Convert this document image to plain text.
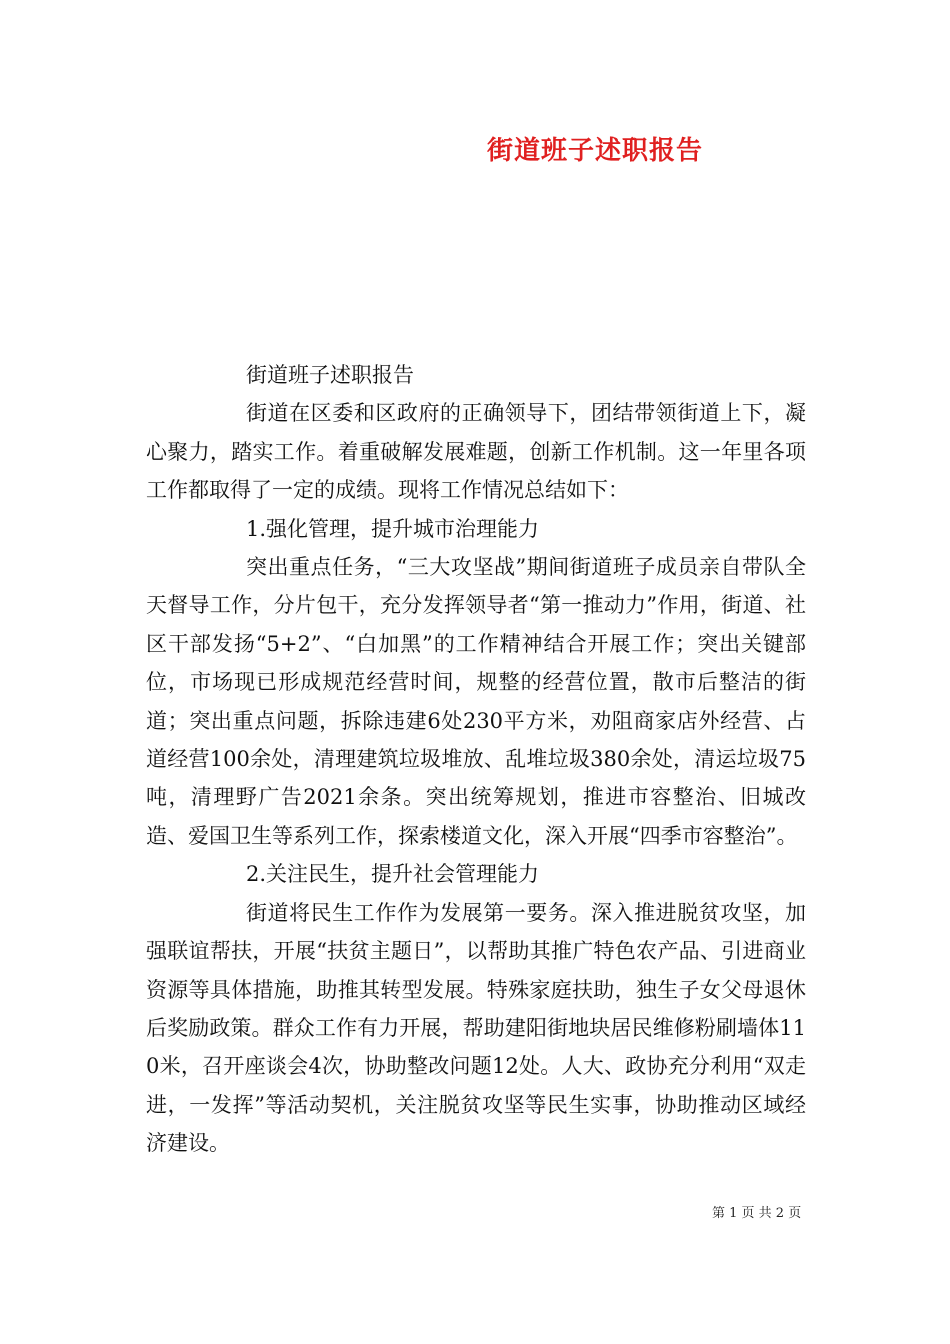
街道班子述职报告

街道班子述职报告

街道在区委和区政府的正确领导下，团结带领街道上下，凝心聚力，踏实工作。着重破解发展难题，创新工作机制。这一年里各项工作都取得了一定的成绩。现将工作情况总结如下：

1.强化管理，提升城市治理能力

突出重点任务，“三大攻坚战”期间街道班子成员亲自带队全天督导工作，分片包干，充分发挥领导者“第一推动力”作用，街道、社区干部发扬“5+2”、“白加黑”的工作精神结合开展工作；突出关键部位，市场现已形成规范经营时间，规整的经营位置，散市后整洁的街道；突出重点问题，拆除违建6处230平方米，劝阻商家店外经营、占道经营100余处，清理建筑垃圾堆放、乱堆垃圾380余处，清运垃圾75吨，清理野广告2021余条。突出统筹规划，推进市容整治、旧城改造、爱国卫生等系列工作，探索楼道文化，深入开展“四季市容整治”。

2.关注民生，提升社会管理能力

街道将民生工作作为发展第一要务。深入推进脱贫攻坚，加强联谊帮扶，开展“扶贫主题日”，以帮助其推广特色农产品、引进商业资源等具体措施，助推其转型发展。特殊家庭扶助，独生子女父母退休后奖励政策。群众工作有力开展，帮助建阳街地块居民维修粉刷墙体110米，召开座谈会4次，协助整改问题12处。人大、政协充分利用“双走进，一发挥”等活动契机，关注脱贫攻坚等民生实事，协助推动区域经济建设。

第 1 页 共 2 页
